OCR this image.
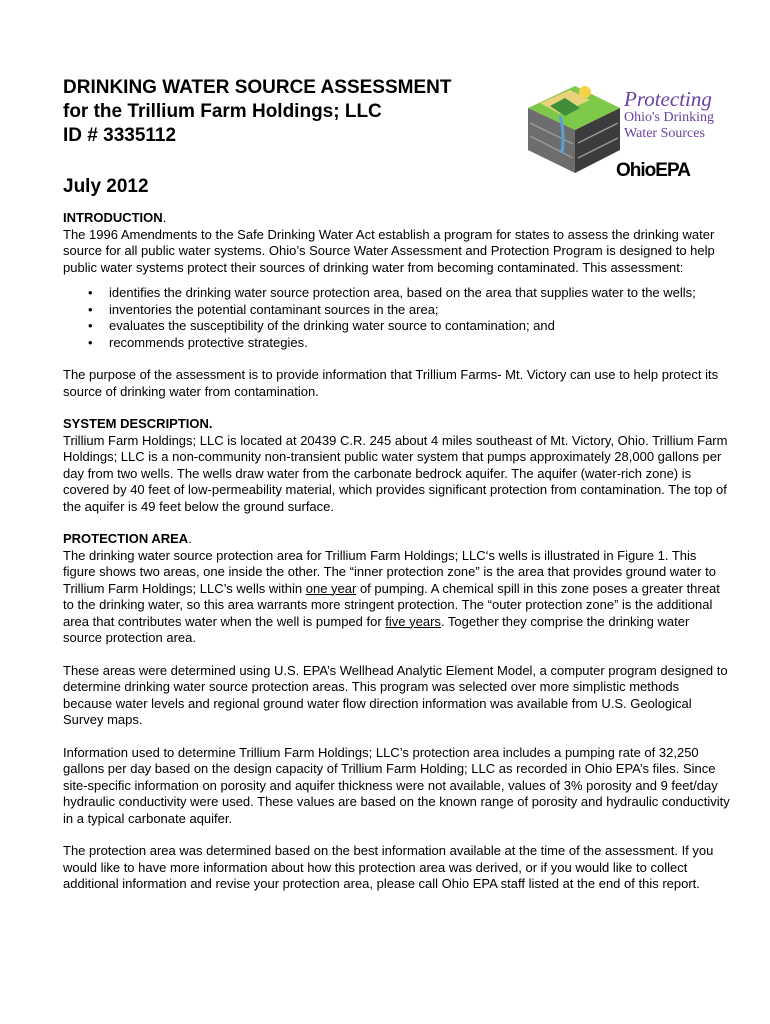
DRINKING WATER SOURCE ASSESSMENT
for the Trillium Farm Holdings; LLC
ID # 3335112
July 2012
Protecting
Ohio's Drinking
Water Sources
OhioEPA

INTRODUCTION.

The 1996 Amendments to the Safe Drinking Water Act establish a program for states to assess the drinking water source for all public water systems. Ohio’s Source Water Assessment and Protection Program is designed to help public water systems protect their sources of drinking water from becoming contaminated. This assessment:

• identifies the drinking water source protection area, based on the area that supplies water to the wells;
• inventories the potential contaminant sources in the area;
• evaluates the susceptibility of the drinking water source to contamination; and
• recommends protective strategies.

The purpose of the assessment is to provide information that Trillium Farms- Mt. Victory can use to help protect its source of drinking water from contamination.

SYSTEM DESCRIPTION.

Trillium Farm Holdings; LLC is located at 20439 C.R. 245 about 4 miles southeast of Mt. Victory, Ohio. Trillium Farm Holdings; LLC is a non-community non-transient public water system that pumps approximately 28,000 gallons per day from two wells. The wells draw water from the carbonate bedrock aquifer. The aquifer (water-rich zone) is covered by 40 feet of low-permeability material, which provides significant protection from contamination. The top of the aquifer is 49 feet below the ground surface.

PROTECTION AREA.

The drinking water source protection area for Trillium Farm Holdings; LLC‘s wells is illustrated in Figure 1. This figure shows two areas, one inside the other. The “inner protection zone” is the area that provides ground water to Trillium Farm Holdings; LLC’s wells within one year of pumping. A chemical spill in this zone poses a greater threat to the drinking water, so this area warrants more stringent protection. The “outer protection zone” is the additional area that contributes water when the well is pumped for five years. Together they comprise the drinking water source protection area.

These areas were determined using U.S. EPA’s Wellhead Analytic Element Model, a computer program designed to determine drinking water source protection areas. This program was selected over more simplistic methods because water levels and regional ground water flow direction information was available from U.S. Geological Survey maps.

Information used to determine Trillium Farm Holdings; LLC’s protection area includes a pumping rate of 32,250 gallons per day based on the design capacity of Trillium Farm Holding; LLC as recorded in Ohio EPA’s files. Since site-specific information on porosity and aquifer thickness were not available, values of 3% porosity and 9 feet/day hydraulic conductivity were used. These values are based on the known range of porosity and hydraulic conductivity in a typical carbonate aquifer.

The protection area was determined based on the best information available at the time of the assessment. If you would like to have more information about how this protection area was derived, or if you would like to collect additional information and revise your protection area, please call Ohio EPA staff listed at the end of this report.
